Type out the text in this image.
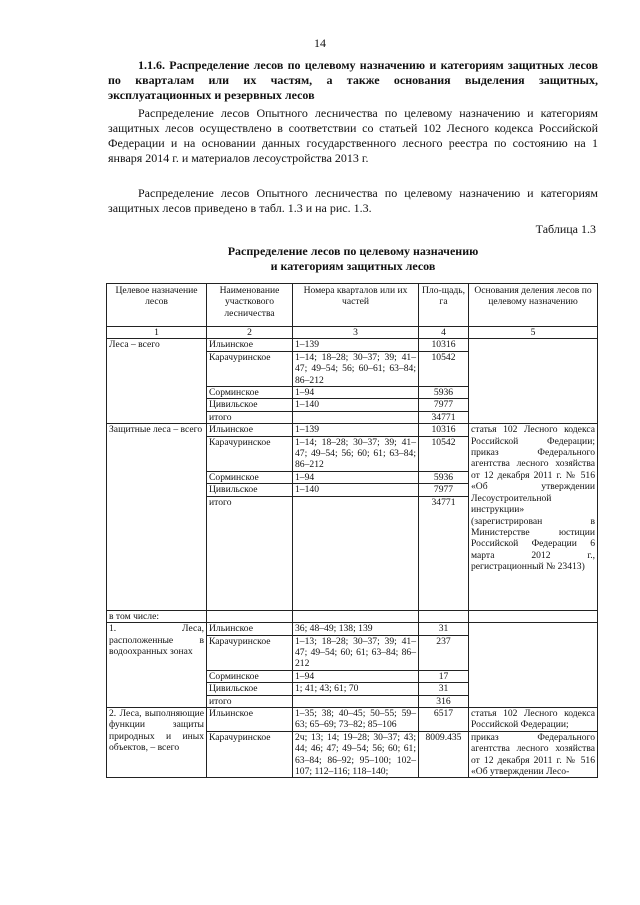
14
1.1.6. Распределение лесов по целевому назначению и категориям защитных лесов по кварталам или их частям, а также основания выделения защитных, эксплуатационных и резервных лесов
Распределение лесов Опытного лесничества по целевому назначению и категориям защитных лесов осуществлено в соответствии со статьей 102 Лесного кодекса Российской Федерации и на основании данных государственного лесного реестра по состоянию на 1 января 2014 г. и материалов лесоустройства 2013 г.
Распределение лесов Опытного лесничества по целевому назначению и категориям защитных лесов приведено в табл. 1.3 и на рис. 1.3.
Таблица 1.3
Распределение лесов по целевому назначению
и категориям защитных лесов
Целевое назначение лесов	Наименование участкового лесничества	Номера кварталов или их частей	Пло-щадь, га	Основания деления лесов по целевому назначению
1	2	3	4	5
Леса – всего	Ильинское	1–139	10316	
	Карачуринское	1–14; 18–28; 30–37; 39; 41–47; 49–54; 56; 60–61; 63–84; 86–212	10542	
	Сорминское	1–94	5936	
	Цивильское	1–140	7977	
	итого		34771	
Защитные леса – всего	Ильинское	1–139	10316	статья 102 Лесного кодекса Российской Федерации; приказ Федерального агентства лесного хозяйства от 12 декабря 2011 г. № 516 «Об утверждении Лесоустроительной инструкции» (зарегистрирован в Министерстве юстиции Российской Федерации 6 марта 2012 г., регистрационный № 23413)
	Карачуринское	1–14; 18–28; 30–37; 39; 41–47; 49–54; 56; 60; 61; 63–84; 86–212	10542	
	Сорминское	1–94	5936	
	Цивильское	1–140	7977	
	итого		34771	
в том числе:				
1. Леса, расположенные в водоохранных зонах	Ильинское	36; 48–49; 138; 139	31	
	Карачуринское	1–13; 18–28; 30–37; 39; 41–47; 49–54; 60; 61; 63–84; 86–212	237	
	Сорминское	1–94	17	
	Цивильское	1; 41; 43; 61; 70	31	
	итого		316	
2. Леса, выполняющие функции защиты природных и иных объектов, – всего	Ильинское	1–35; 38; 40–45; 50–55; 59–63; 65–69; 73–82; 85–106	6517	статья 102 Лесного кодекса Российской Федерации;
	Карачуринское	2ч; 13; 14; 19–28; 30–37; 43; 44; 46; 47; 49–54; 56; 60; 61; 63–84; 86–92; 95–100; 102–107; 112–116; 118–140;	8009.435	приказ Федерального агентства лесного хозяйства от 12 декабря 2011 г. № 516 «Об утверждении Лесо-
